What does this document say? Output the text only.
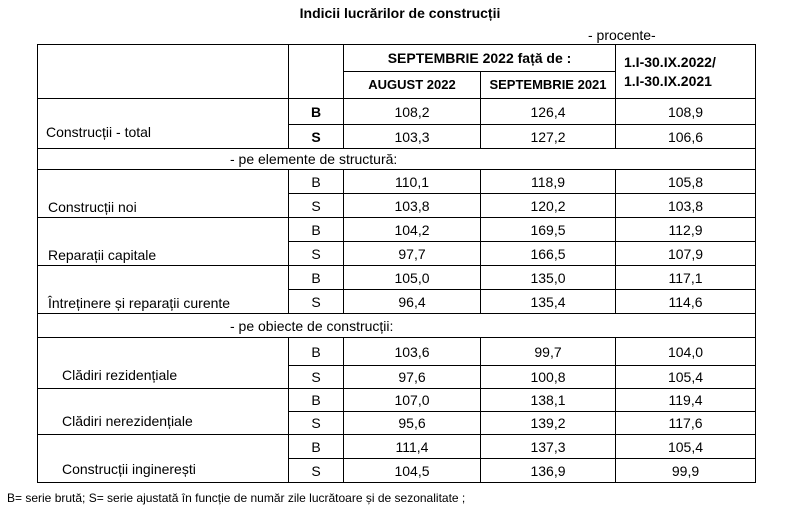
Indicii lucrărilor de construcții
- procente-
		SEPTEMBRIE 2022 față de :		1.I-30.IX.2022/
1.I-30.IX.2021
		AUGUST 2022	SEPTEMBRIE 2021	
Construcții - total	B	108,2	126,4	108,9
	S	103,3	127,2	106,6
- pe elemente de structură:				
Construcții noi	B	110,1	118,9	105,8
	S	103,8	120,2	103,8
Reparații capitale	B	104,2	169,5	112,9
	S	97,7	166,5	107,9
Întreținere și reparații curente	B	105,0	135,0	117,1
	S	96,4	135,4	114,6
- pe obiecte de construcții:				
Clădiri rezidențiale	B	103,6	99,7	104,0
	S	97,6	100,8	105,4
Clădiri nerezidențiale	B	107,0	138,1	119,4
	S	95,6	139,2	117,6
Construcții inginerești	B	111,4	137,3	105,4
	S	104,5	136,9	99,9
B= serie brută; S= serie ajustată în funcție de număr zile lucrătoare și de sezonalitate ;
